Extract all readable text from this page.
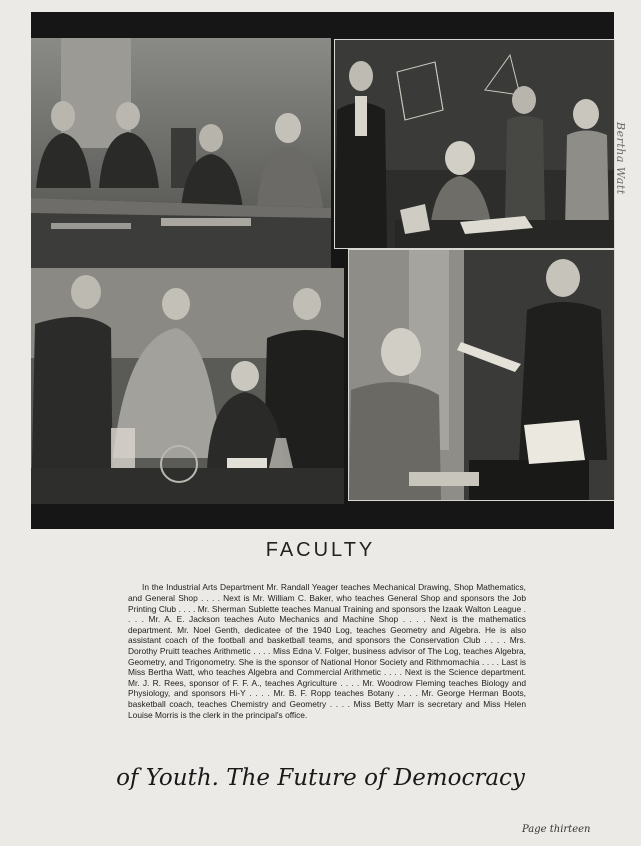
Bertha Watt
FACULTY

In the Industrial Arts Department Mr. Randall Yeager teaches Mechanical Drawing, Shop Mathematics, and General Shop . . . . Next is Mr. William C. Baker, who teaches General Shop and sponsors the Job Printing Club . . . . Mr. Sherman Sublette teaches Manual Training and sponsors the Izaak Walton League . . . . Mr. A. E. Jackson teaches Auto Mechanics and Machine Shop . . . . Next is the mathematics department. Mr. Noel Genth, dedicatee of the 1940 Log, teaches Geometry and Algebra. He is also assistant coach of the football and basketball teams, and sponsors the Conservation Club . . . . Mrs. Dorothy Pruitt teaches Arithmetic . . . . Miss Edna V. Folger, business advisor of The Log, teaches Algebra, Geometry, and Trigonometry. She is the sponsor of National Honor Society and Rithmomachia . . . . Last is Miss Bertha Watt, who teaches Algebra and Commercial Arithmetic . . . . Next is the Science department. Mr. J. R. Rees, sponsor of F. F. A., teaches Agriculture . . . . Mr. Woodrow Fleming teaches Biology and Physiology, and sponsors Hi-Y . . . . Mr. B. F. Ropp teaches Botany . . . . Mr. George Herman Boots, basketball coach, teaches Chemistry and Geometry . . . . Miss Betty Marr is secretary and Miss Helen Louise Morris is the clerk in the principal's office.

of Youth. The Future of Democracy
Page thirteen
